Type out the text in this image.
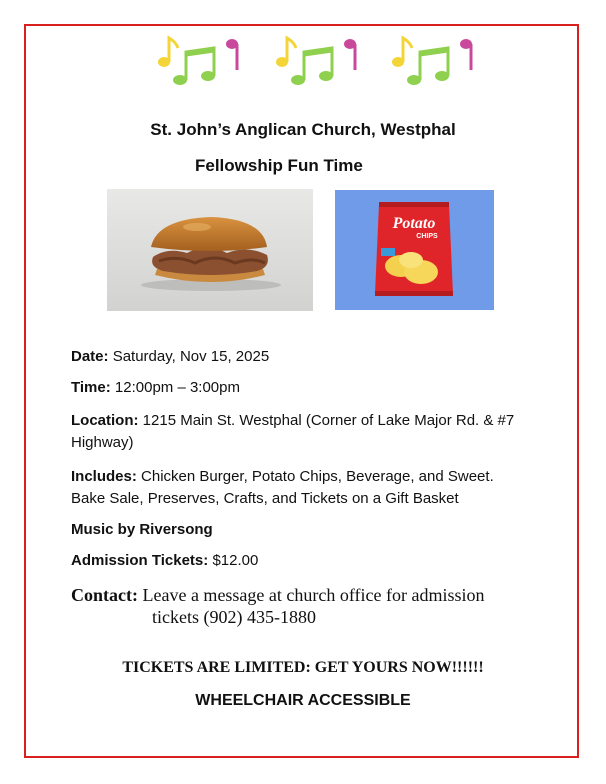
St. John’s Anglican Church, Westphal
Fellowship Fun Time
Potato
CHIPS
Date: Saturday, Nov 15, 2025
Time: 12:00pm – 3:00pm
Location: 1215 Main St. Westphal (Corner of Lake Major Rd. & #7 Highway)
Includes: Chicken Burger, Potato Chips, Beverage, and Sweet. Bake Sale, Preserves, Crafts, and Tickets on a Gift Basket
Music by Riversong
Admission Tickets: $12.00
Contact: Leave a message at church office for admission
tickets (902) 435-1880
TICKETS ARE LIMITED: GET YOURS NOW!!!!!!
WHEELCHAIR ACCESSIBLE
